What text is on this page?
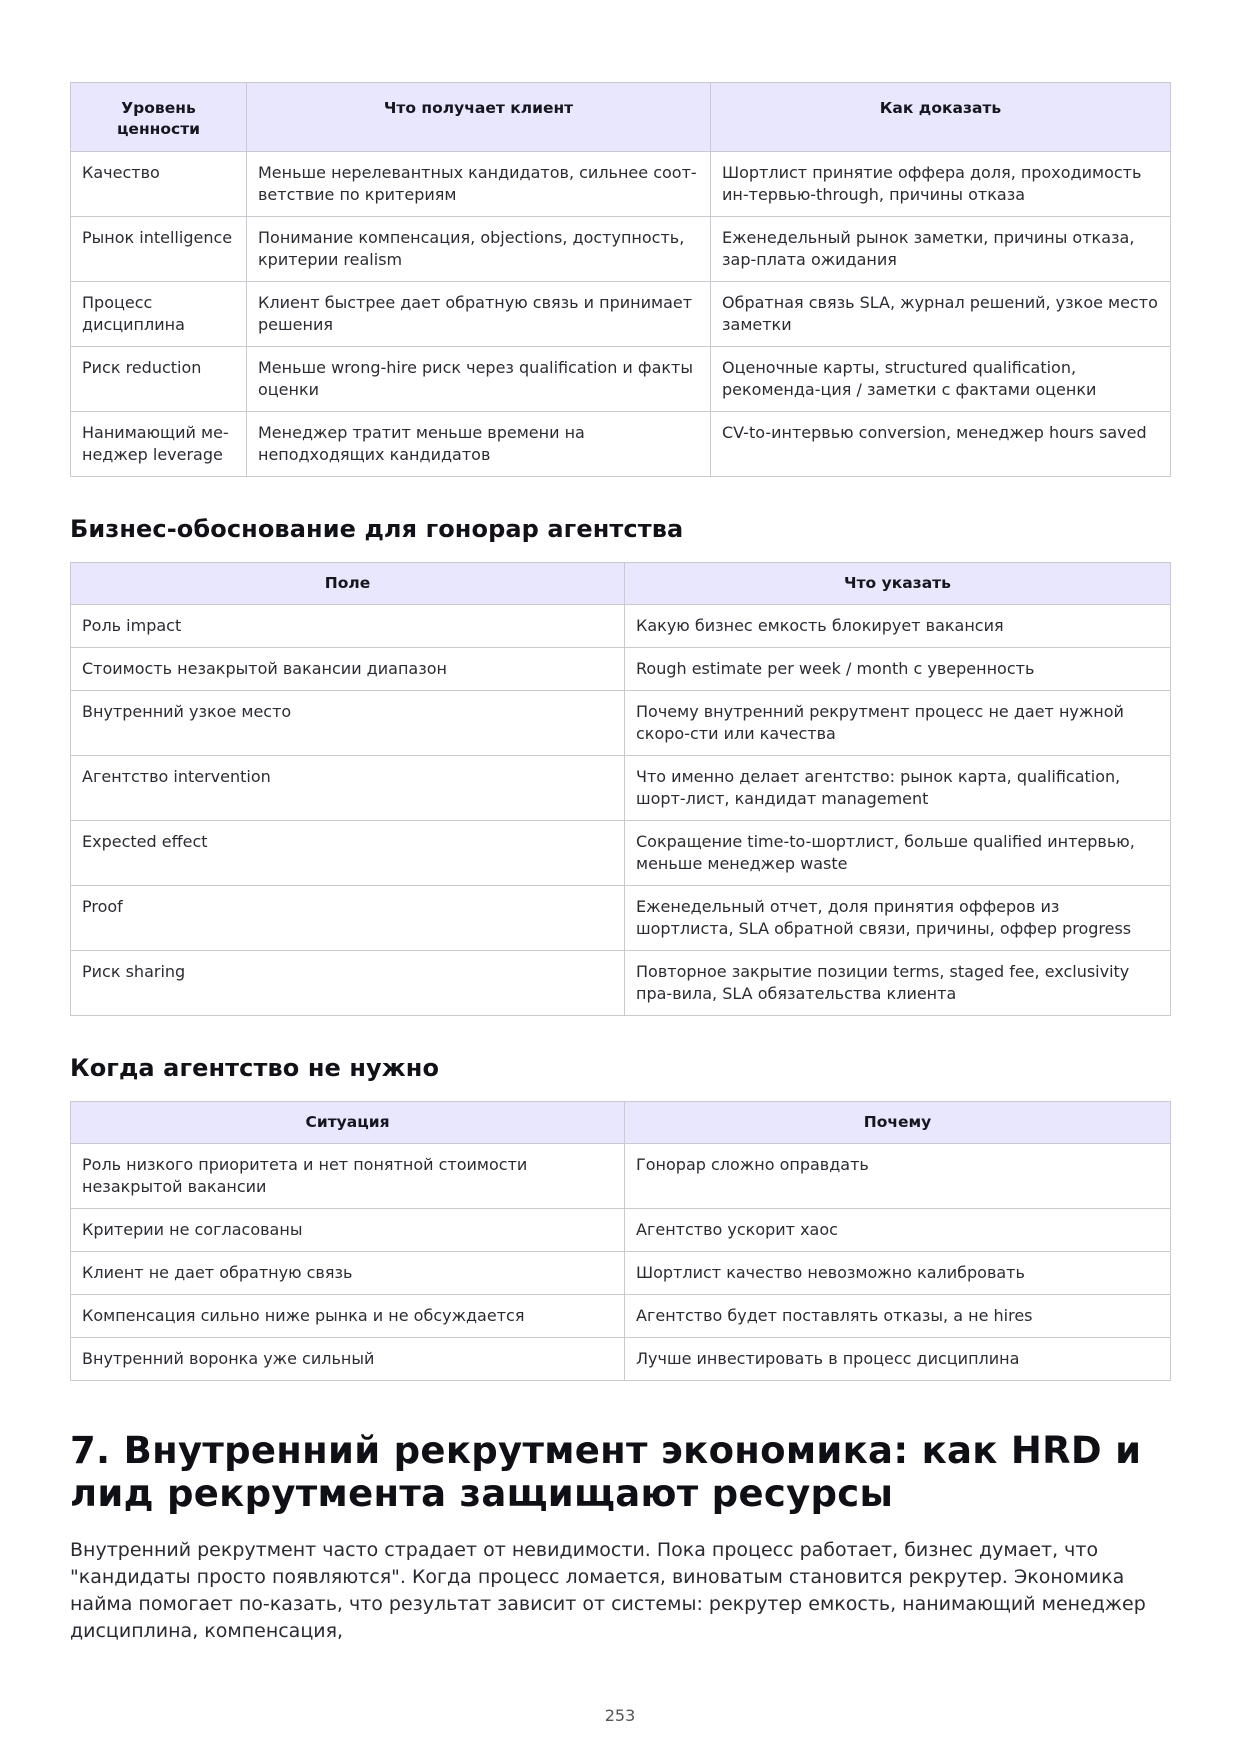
Уровень ценности	Что получает клиент	Как доказать
Качество	Меньше нерелевантных кандидатов, сильнее соот-ветствие по критериям	Шортлист принятие оффера доля, проходимость ин-тервью-through, причины отказа
Рынок intelligence	Понимание компенсация, objections, доступность, критерии realism	Еженедельный рынок заметки, причины отказа, зар-плата ожидания
Процесс дисциплина	Клиент быстрее дает обратную связь и принимает решения	Обратная связь SLA, журнал решений, узкое место заметки
Риск reduction	Меньше wrong-hire риск через qualification и факты оценки	Оценочные карты, structured qualification, рекоменда-ция / заметки с фактами оценки
Нанимающий ме-неджер leverage	Менеджер тратит меньше времени на неподходящих кандидатов	CV-to-интервью conversion, менеджер hours saved
Бизнес-обоснование для гонорар агентства
Поле	Что указать
Роль impact	Какую бизнес емкость блокирует вакансия
Стоимость незакрытой вакансии диапазон	Rough estimate per week / month с уверенность
Внутренний узкое место	Почему внутренний рекрутмент процесс не дает нужной скоро-сти или качества
Агентство intervention	Что именно делает агентство: рынок карта, qualification, шорт-лист, кандидат management
Expected effect	Сокращение time-to-шортлист, больше qualified интервью, меньше менеджер waste
Proof	Еженедельный отчет, доля принятия офферов из шортлиста, SLA обратной связи, причины, оффер progress
Риск sharing	Повторное закрытие позиции terms, staged fee, exclusivity пра-вила, SLA обязательства клиента
Когда агентство не нужно
Ситуация	Почему
Роль низкого приоритета и нет понятной стоимости незакрытой вакансии	Гонорар сложно оправдать
Критерии не согласованы	Агентство ускорит хаос
Клиент не дает обратную связь	Шортлист качество невозможно калибровать
Компенсация сильно ниже рынка и не обсуждается	Агентство будет поставлять отказы, а не hires
Внутренний воронка уже сильный	Лучше инвестировать в процесс дисциплина
7. Внутренний рекрутмент экономика: как HRD и лид рекрутмента защищают ресурсы

Внутренний рекрутмент часто страдает от невидимости. Пока процесс работает, бизнес думает, что "кандидаты просто появляются". Когда процесс ломается, виноватым становится рекрутер. Экономика найма помогает по-казать, что результат зависит от системы: рекрутер емкость, нанимающий менеджер дисциплина, компенсация,

253
